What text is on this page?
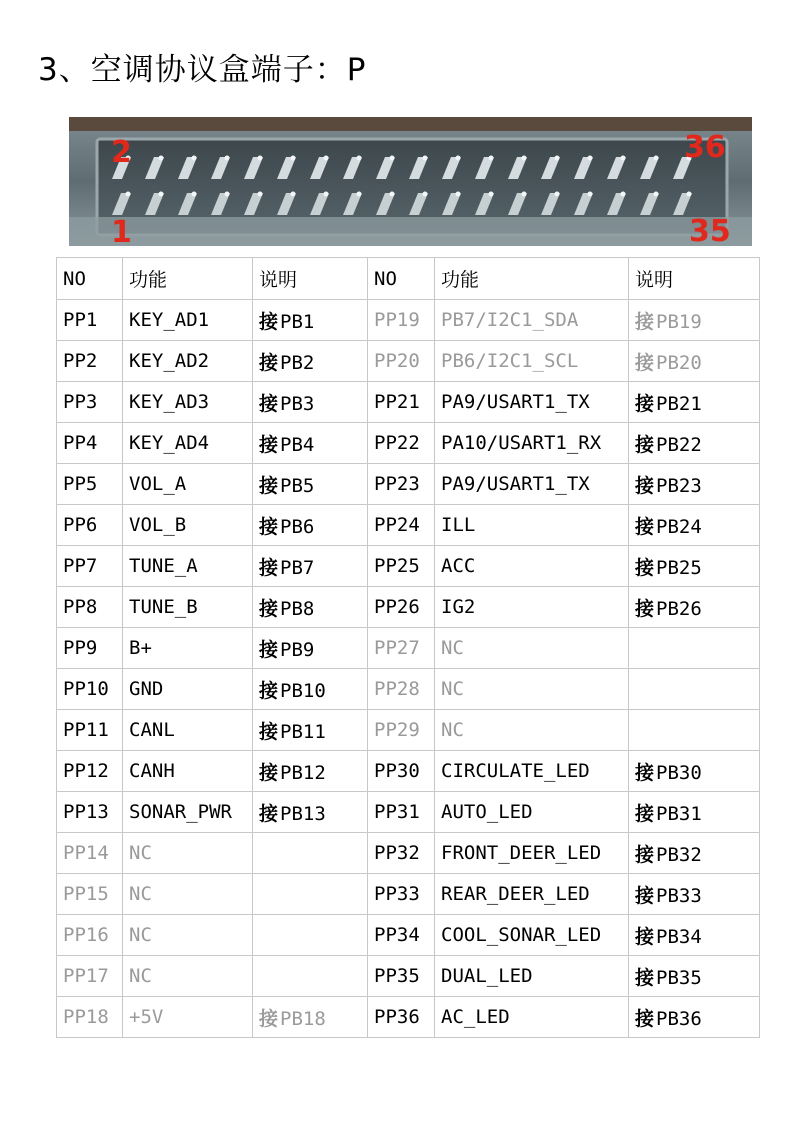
3、空调协议盒端子：P
2
1
36
35
NO	功能	说明	NO	功能	说明
PP1	KEY_AD1	接 PB1	PP19	PB7/I2C1_SDA	接 PB19
PP2	KEY_AD2	接 PB2	PP20	PB6/I2C1_SCL	接 PB20
PP3	KEY_AD3	接 PB3	PP21	PA9/USART1_TX	接 PB21
PP4	KEY_AD4	接 PB4	PP22	PA10/USART1_RX	接 PB22
PP5	VOL_A	接 PB5	PP23	PA9/USART1_TX	接 PB23
PP6	VOL_B	接 PB6	PP24	ILL	接 PB24
PP7	TUNE_A	接 PB7	PP25	ACC	接 PB25
PP8	TUNE_B	接 PB8	PP26	IG2	接 PB26
PP9	B+	接 PB9	PP27	NC	
PP10	GND	接 PB10	PP28	NC	
PP11	CANL	接 PB11	PP29	NC	
PP12	CANH	接 PB12	PP30	CIRCULATE_LED	接 PB30
PP13	SONAR_PWR	接 PB13	PP31	AUTO_LED	接 PB31
PP14	NC		PP32	FRONT_DEER_LED	接 PB32
PP15	NC		PP33	REAR_DEER_LED	接 PB33
PP16	NC		PP34	COOL_SONAR_LED	接 PB34
PP17	NC		PP35	DUAL_LED	接 PB35
PP18	+5V	接 PB18	PP36	AC_LED	接 PB36
